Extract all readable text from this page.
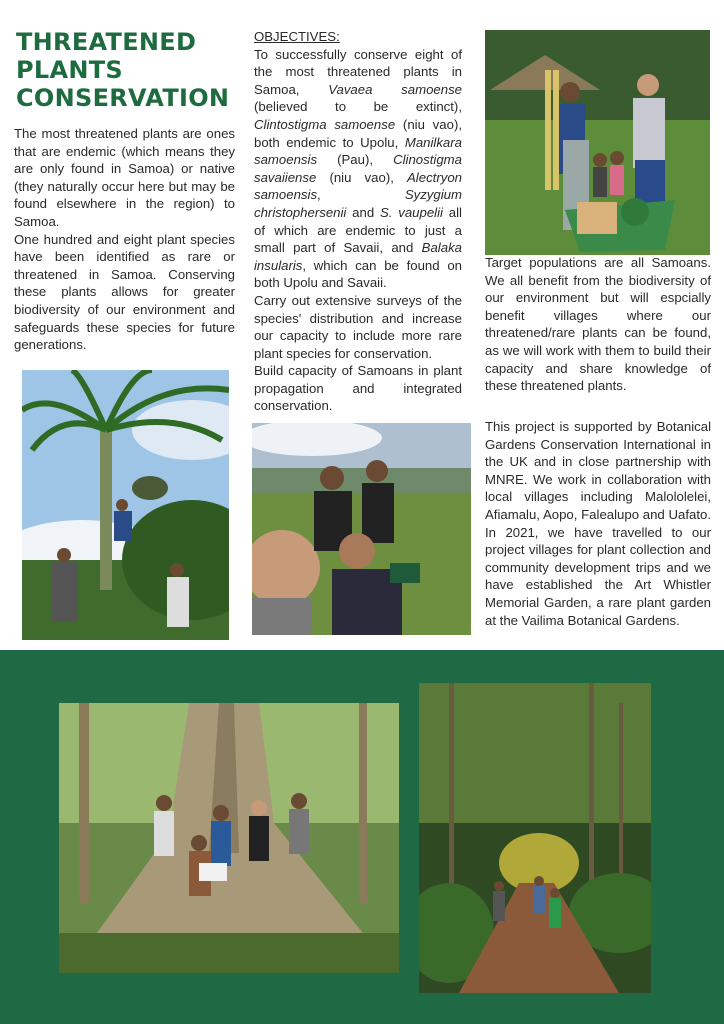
THREATENED
PLANTS
CONSERVATION

The most threatened plants are ones that are endemic (which means they are only found in Samoa) or native (they naturally occur here but may be found elsewhere in the region) to Samoa.

One hundred and eight plant species have been identified as rare or threatened in Samoa. Conserving these plants allows for greater biodiversity of our environment and safeguards these species for future generations.

OBJECTIVES:

To successfully conserve eight of the most threatened plants in Samoa, Vavaea samoense (believed to be extinct), Clintostigma samoense (niu vao), both endemic to Upolu, Manilkara samoensis (Pau), Clinostigma savaiiense (niu vao), Alectryon samoensis, Syzygium christophersenii and S. vaupelii all of which are endemic to just a small part of Savaii, and Balaka insularis, which can be found on both Upolu and Savaii.

Carry out extensive surveys of the species' distribution and increase our capacity to include more rare plant species for conservation.

Build capacity of Samoans in plant propagation and integrated conservation.

Target populations are all Samoans. We all benefit from the biodiversity of our environment but will espcially benefit villages where our threatened/rare plants can be found, as we will work with them to build their capacity and share knowledge of these threatened plants.

This project is supported by Botanical Gardens Conservation International in the UK and in close partnership with MNRE. We work in collaboration with local villages including Malololelei, Afiamalu, Aopo, Falealupo and Uafato. In 2021, we have travelled to our project villages for plant collection and community development trips and we have established the Art Whistler Memorial Garden, a rare plant garden at the Vailima Botanical Gardens.
